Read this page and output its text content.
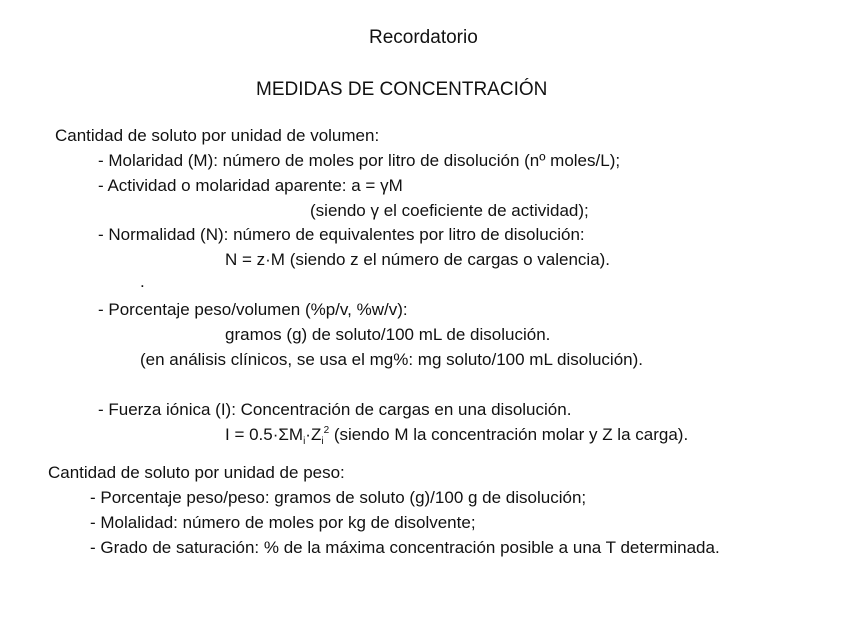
Recordatorio
MEDIDAS DE CONCENTRACIÓN
Cantidad de soluto por unidad de volumen:
- Molaridad (M): número de moles por litro de disolución (nº moles/L);
- Actividad o molaridad aparente: a = γM
(siendo γ el coeficiente de actividad);
- Normalidad (N): número de equivalentes por litro de disolución:
N = z·M (siendo z el número de cargas o valencia).
.
- Porcentaje peso/volumen (%p/v, %w/v):
gramos (g) de soluto/100 mL de disolución.
(en análisis clínicos, se usa el mg%: mg soluto/100 mL disolución).
- Fuerza iónica (I): Concentración de cargas en una disolución.
$I = 0.5\cdot\Sigma M_i\cdot Z_i^2$ (siendo M la concentración molar y Z la carga).
Cantidad de soluto por unidad de peso:
- Porcentaje peso/peso: gramos de soluto (g)/100 g de disolución;
- Molalidad: número de moles por kg de disolvente;
- Grado de saturación: % de la máxima concentración posible a una T determinada.
